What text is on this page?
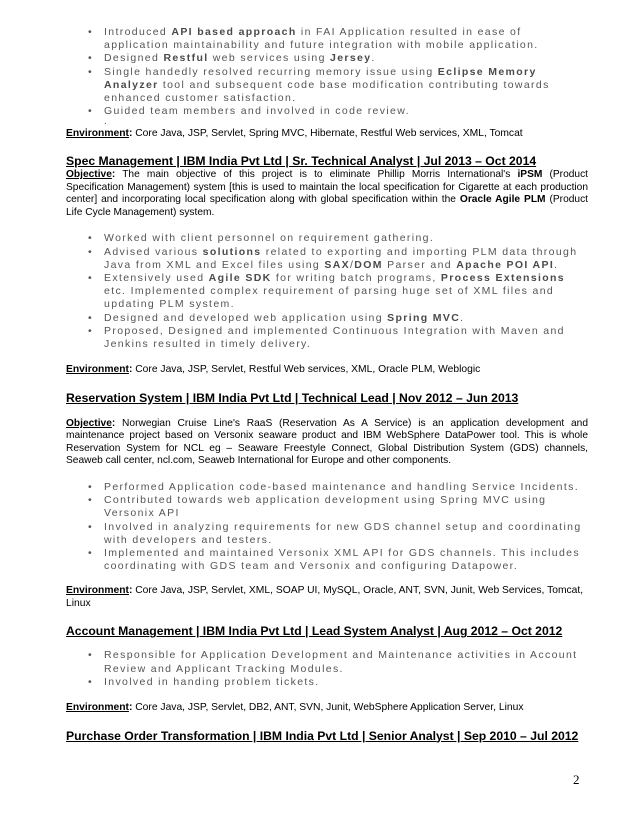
• Introduced API based approach in FAI Application resulted in ease of application maintainability and future integration with mobile application.
• Designed Restful web services using Jersey.
• Single handedly resolved recurring memory issue using Eclipse Memory Analyzer tool and subsequent code base modification contributing towards enhanced customer satisfaction.
• Guided team members and involved in code review.
.

Environment: Core Java, JSP, Servlet, Spring MVC, Hibernate, Restful Web services, XML, Tomcat

Spec Management | IBM India Pvt Ltd | Sr. Technical Analyst | Jul 2013 – Oct 2014

Objective: The main objective of this project is to eliminate Phillip Morris International's iPSM (Product Specification Management) system [this is used to maintain the local specification for Cigarette at each production center] and incorporating local specification along with global specification within the Oracle Agile PLM (Product Life Cycle Management) system.

• Worked with client personnel on requirement gathering.
• Advised various solutions related to exporting and importing PLM data through Java from XML and Excel files using SAX/DOM Parser and Apache POI API.
• Extensively used Agile SDK for writing batch programs, Process Extensions etc. Implemented complex requirement of parsing huge set of XML files and updating PLM system.
• Designed and developed web application using Spring MVC.
• Proposed, Designed and implemented Continuous Integration with Maven and Jenkins resulted in timely delivery.

Environment: Core Java, JSP, Servlet, Restful Web services, XML, Oracle PLM, Weblogic

Reservation System | IBM India Pvt Ltd | Technical Lead | Nov 2012 – Jun 2013

Objective: Norwegian Cruise Line's RaaS (Reservation As A Service) is an application development and maintenance project based on Versonix seaware product and IBM WebSphere DataPower tool. This is whole Reservation System for NCL eg – Seaware Freestyle Connect, Global Distribution System (GDS) channels, Seaweb call center, ncl.com, Seaweb International for Europe and other components.

• Performed Application code-based maintenance and handling Service Incidents.
• Contributed towards web application development using Spring MVC using Versonix API
• Involved in analyzing requirements for new GDS channel setup and coordinating with developers and testers.
• Implemented and maintained Versonix XML API for GDS channels. This includes coordinating with GDS team and Versonix and configuring Datapower.

Environment: Core Java, JSP, Servlet, XML, SOAP UI, MySQL, Oracle, ANT, SVN, Junit, Web Services, Tomcat, Linux

Account Management | IBM India Pvt Ltd | Lead System Analyst | Aug 2012 – Oct 2012

• Responsible for Application Development and Maintenance activities in Account Review and Applicant Tracking Modules.
• Involved in handing problem tickets.

Environment: Core Java, JSP, Servlet, DB2, ANT, SVN, Junit, WebSphere Application Server, Linux

Purchase Order Transformation | IBM India Pvt Ltd | Senior Analyst | Sep 2010 – Jul 2012

2
